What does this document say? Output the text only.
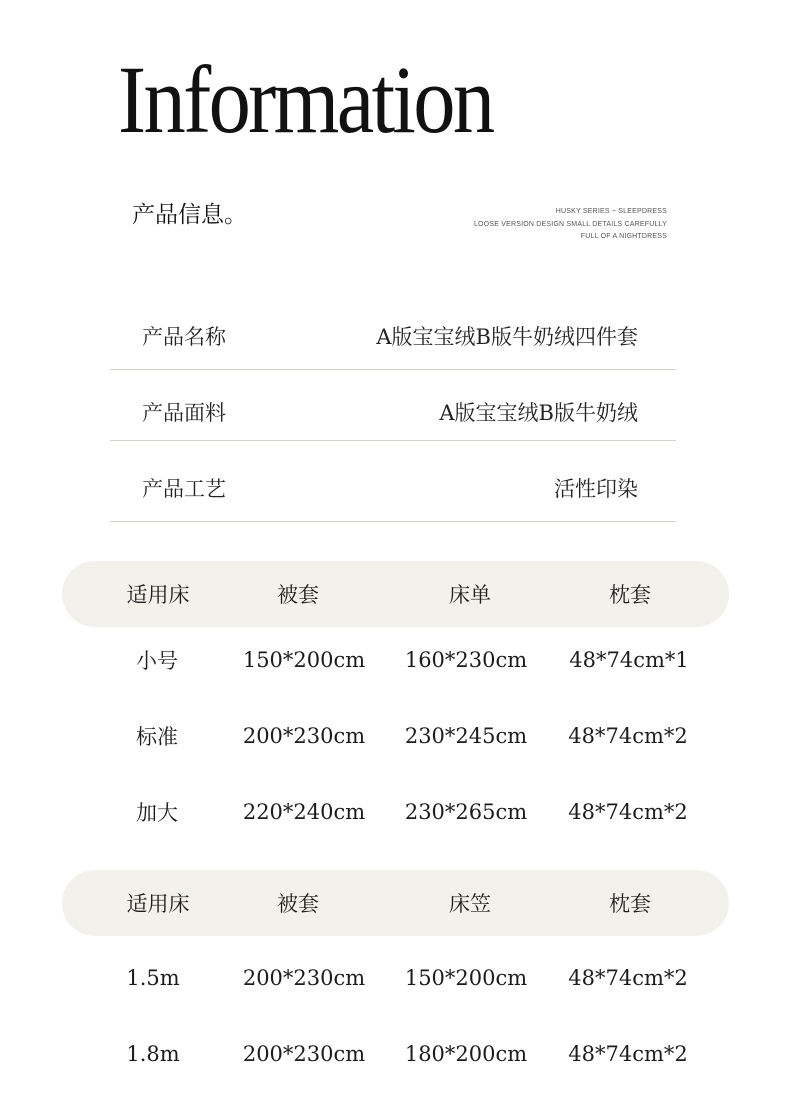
Information
产品信息。	HUSKY SERIES ~ SLEEPDRESS
LOOSE VERSION DESIGN SMALL DETAILS CAREFULLY
FULL OF A NIGHTDRESS
产品名称	A版宝宝绒B版牛奶绒四件套
产品面料	A版宝宝绒B版牛奶绒
产品工艺	活性印染
适用床	被套	床单	枕套
小号	150*200cm 160*230cm 48*74cm*1
标准	200*230cm 230*245cm 48*74cm*2
加大	220*240cm 230*265cm 48*74cm*2
适用床	被套	床笠	枕套
1.5m	200*230cm 150*200cm 48*74cm*2
1.8m	200*230cm 180*200cm 48*74cm*2
